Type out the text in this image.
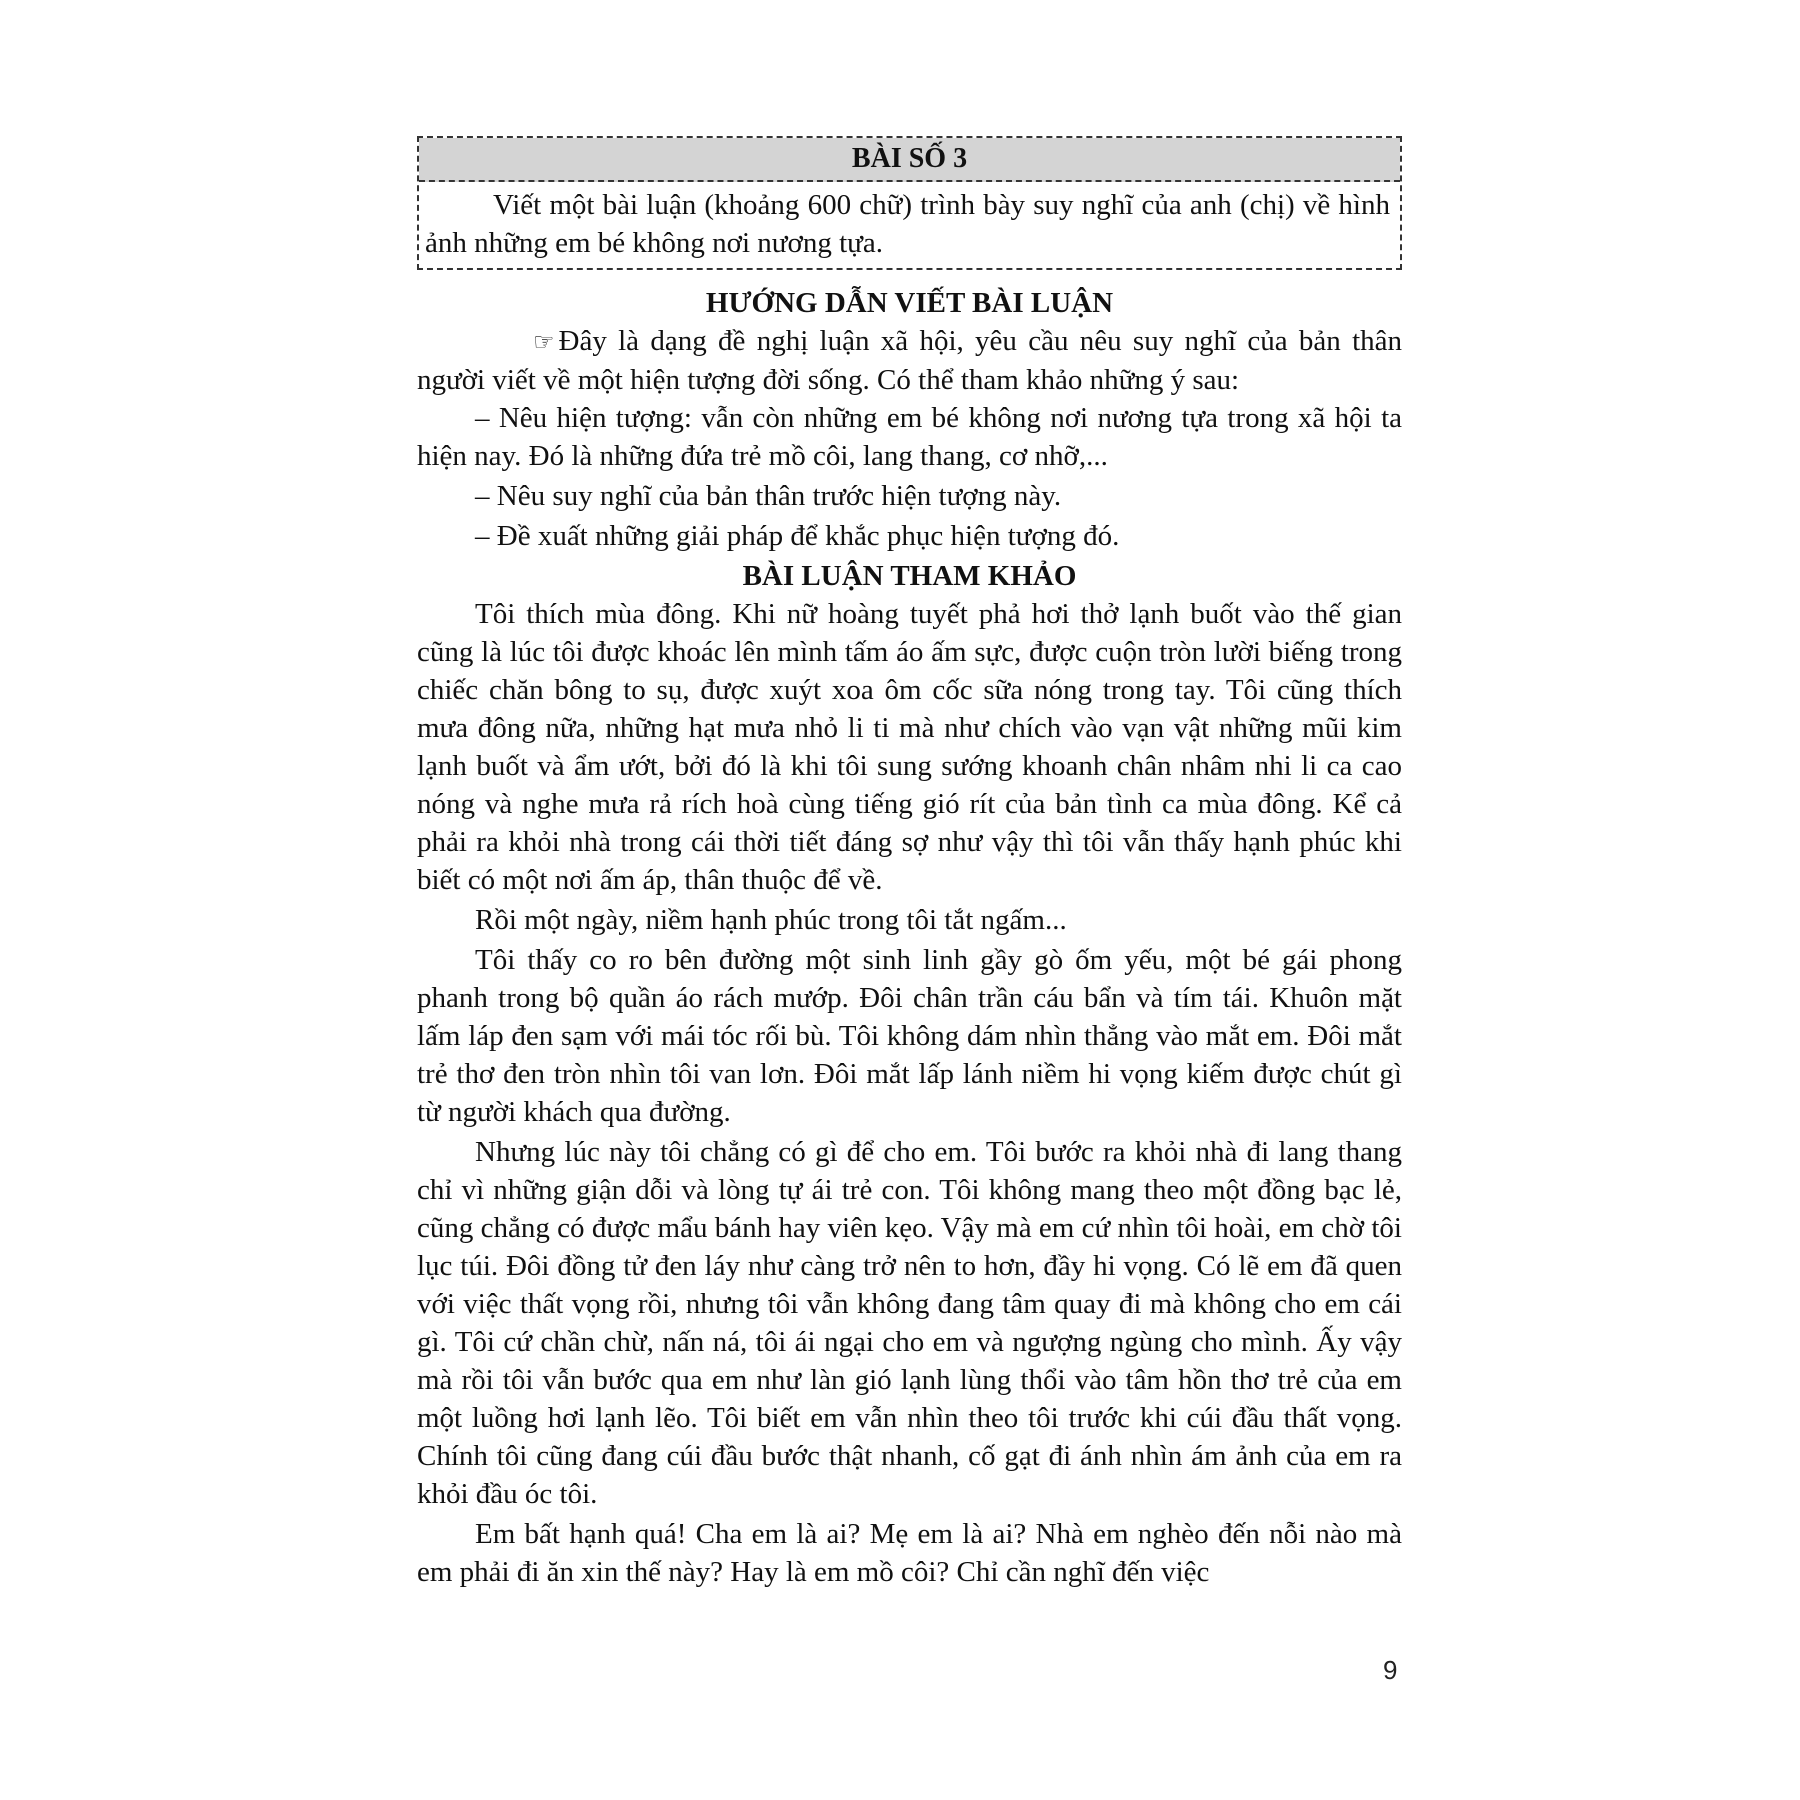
BÀI SỐ 3
Viết một bài luận (khoảng 600 chữ) trình bày suy nghĩ của anh (chị) về hình ảnh những em bé không nơi nương tựa.
HƯỚNG DẪN VIẾT BÀI LUẬN

☞ Đây là dạng đề nghị luận xã hội, yêu cầu nêu suy nghĩ của bản thân người viết về một hiện tượng đời sống. Có thể tham khảo những ý sau:

– Nêu hiện tượng: vẫn còn những em bé không nơi nương tựa trong xã hội ta hiện nay. Đó là những đứa trẻ mồ côi, lang thang, cơ nhỡ,...

– Nêu suy nghĩ của bản thân trước hiện tượng này.

– Đề xuất những giải pháp để khắc phục hiện tượng đó.

BÀI LUẬN THAM KHẢO

Tôi thích mùa đông. Khi nữ hoàng tuyết phả hơi thở lạnh buốt vào thế gian cũng là lúc tôi được khoác lên mình tấm áo ấm sực, được cuộn tròn lười biếng trong chiếc chăn bông to sụ, được xuýt xoa ôm cốc sữa nóng trong tay. Tôi cũng thích mưa đông nữa, những hạt mưa nhỏ li ti mà như chích vào vạn vật những mũi kim lạnh buốt và ẩm ướt, bởi đó là khi tôi sung sướng khoanh chân nhâm nhi li ca cao nóng và nghe mưa rả rích hoà cùng tiếng gió rít của bản tình ca mùa đông. Kể cả phải ra khỏi nhà trong cái thời tiết đáng sợ như vậy thì tôi vẫn thấy hạnh phúc khi biết có một nơi ấm áp, thân thuộc để về.

Rồi một ngày, niềm hạnh phúc trong tôi tắt ngấm...

Tôi thấy co ro bên đường một sinh linh gầy gò ốm yếu, một bé gái phong phanh trong bộ quần áo rách mướp. Đôi chân trần cáu bẩn và tím tái. Khuôn mặt lấm láp đen sạm với mái tóc rối bù. Tôi không dám nhìn thẳng vào mắt em. Đôi mắt trẻ thơ đen tròn nhìn tôi van lơn. Đôi mắt lấp lánh niềm hi vọng kiếm được chút gì từ người khách qua đường.

Nhưng lúc này tôi chẳng có gì để cho em. Tôi bước ra khỏi nhà đi lang thang chỉ vì những giận dỗi và lòng tự ái trẻ con. Tôi không mang theo một đồng bạc lẻ, cũng chẳng có được mẩu bánh hay viên kẹo. Vậy mà em cứ nhìn tôi hoài, em chờ tôi lục túi. Đôi đồng tử đen láy như càng trở nên to hơn, đầy hi vọng. Có lẽ em đã quen với việc thất vọng rồi, nhưng tôi vẫn không đang tâm quay đi mà không cho em cái gì. Tôi cứ chần chừ, nấn ná, tôi ái ngại cho em và ngượng ngùng cho mình. Ấy vậy mà rồi tôi vẫn bước qua em như làn gió lạnh lùng thổi vào tâm hồn thơ trẻ của em một luồng hơi lạnh lẽo. Tôi biết em vẫn nhìn theo tôi trước khi cúi đầu thất vọng. Chính tôi cũng đang cúi đầu bước thật nhanh, cố gạt đi ánh nhìn ám ảnh của em ra khỏi đầu óc tôi.

Em bất hạnh quá! Cha em là ai? Mẹ em là ai? Nhà em nghèo đến nỗi nào mà em phải đi ăn xin thế này? Hay là em mồ côi? Chỉ cần nghĩ đến việc

9
